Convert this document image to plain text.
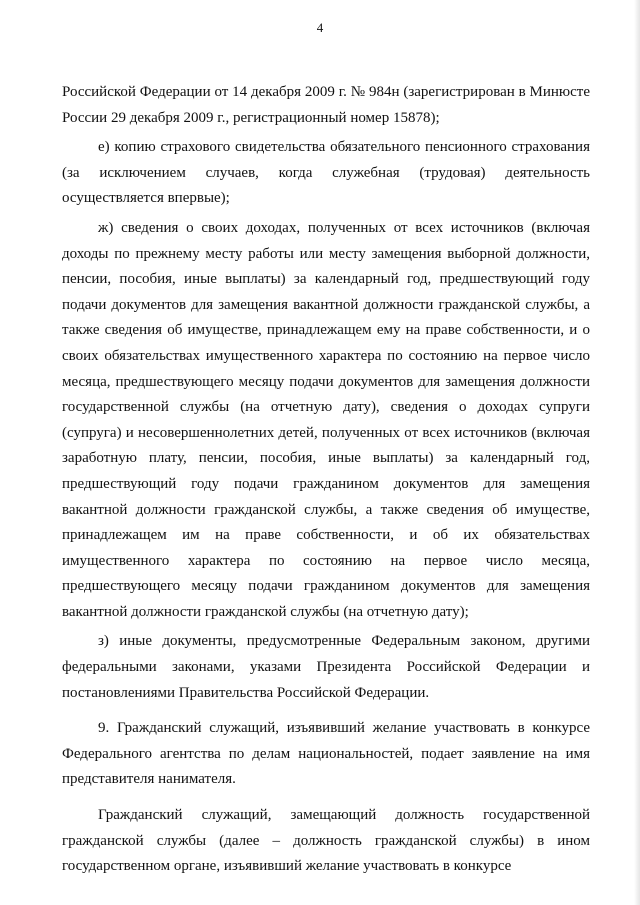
4

Российской Федерации от 14 декабря 2009 г. № 984н (зарегистрирован в Минюсте России 29 декабря 2009 г., регистрационный номер 15878);

е) копию страхового свидетельства обязательного пенсионного страхования (за исключением случаев, когда служебная (трудовая) деятельность осуществляется впервые);

ж) сведения о своих доходах, полученных от всех источников (включая доходы по прежнему месту работы или месту замещения выборной должности, пенсии, пособия, иные выплаты) за календарный год, предшествующий году подачи документов для замещения вакантной должности гражданской службы, а также сведения об имуществе, принадлежащем ему на праве собственности, и о своих обязательствах имущественного характера по состоянию на первое число месяца, предшествующего месяцу подачи документов для замещения должности государственной службы (на отчетную дату), сведения о доходах супруги (супруга) и несовершеннолетних детей, полученных от всех источников (включая заработную плату, пенсии, пособия, иные выплаты) за календарный год, предшествующий году подачи гражданином документов для замещения вакантной должности гражданской службы, а также сведения об имуществе, принадлежащем им на праве собственности, и об их обязательствах имущественного характера по состоянию на первое число месяца, предшествующего месяцу подачи гражданином документов для замещения вакантной должности гражданской службы (на отчетную дату);

з) иные документы, предусмотренные Федеральным законом, другими федеральными законами, указами Президента Российской Федерации и постановлениями Правительства Российской Федерации.

9. Гражданский служащий, изъявивший желание участвовать в конкурсе Федерального агентства по делам национальностей, подает заявление на имя представителя нанимателя.

Гражданский служащий, замещающий должность государственной гражданской службы (далее – должность гражданской службы) в ином государственном органе, изъявивший желание участвовать в конкурсе
